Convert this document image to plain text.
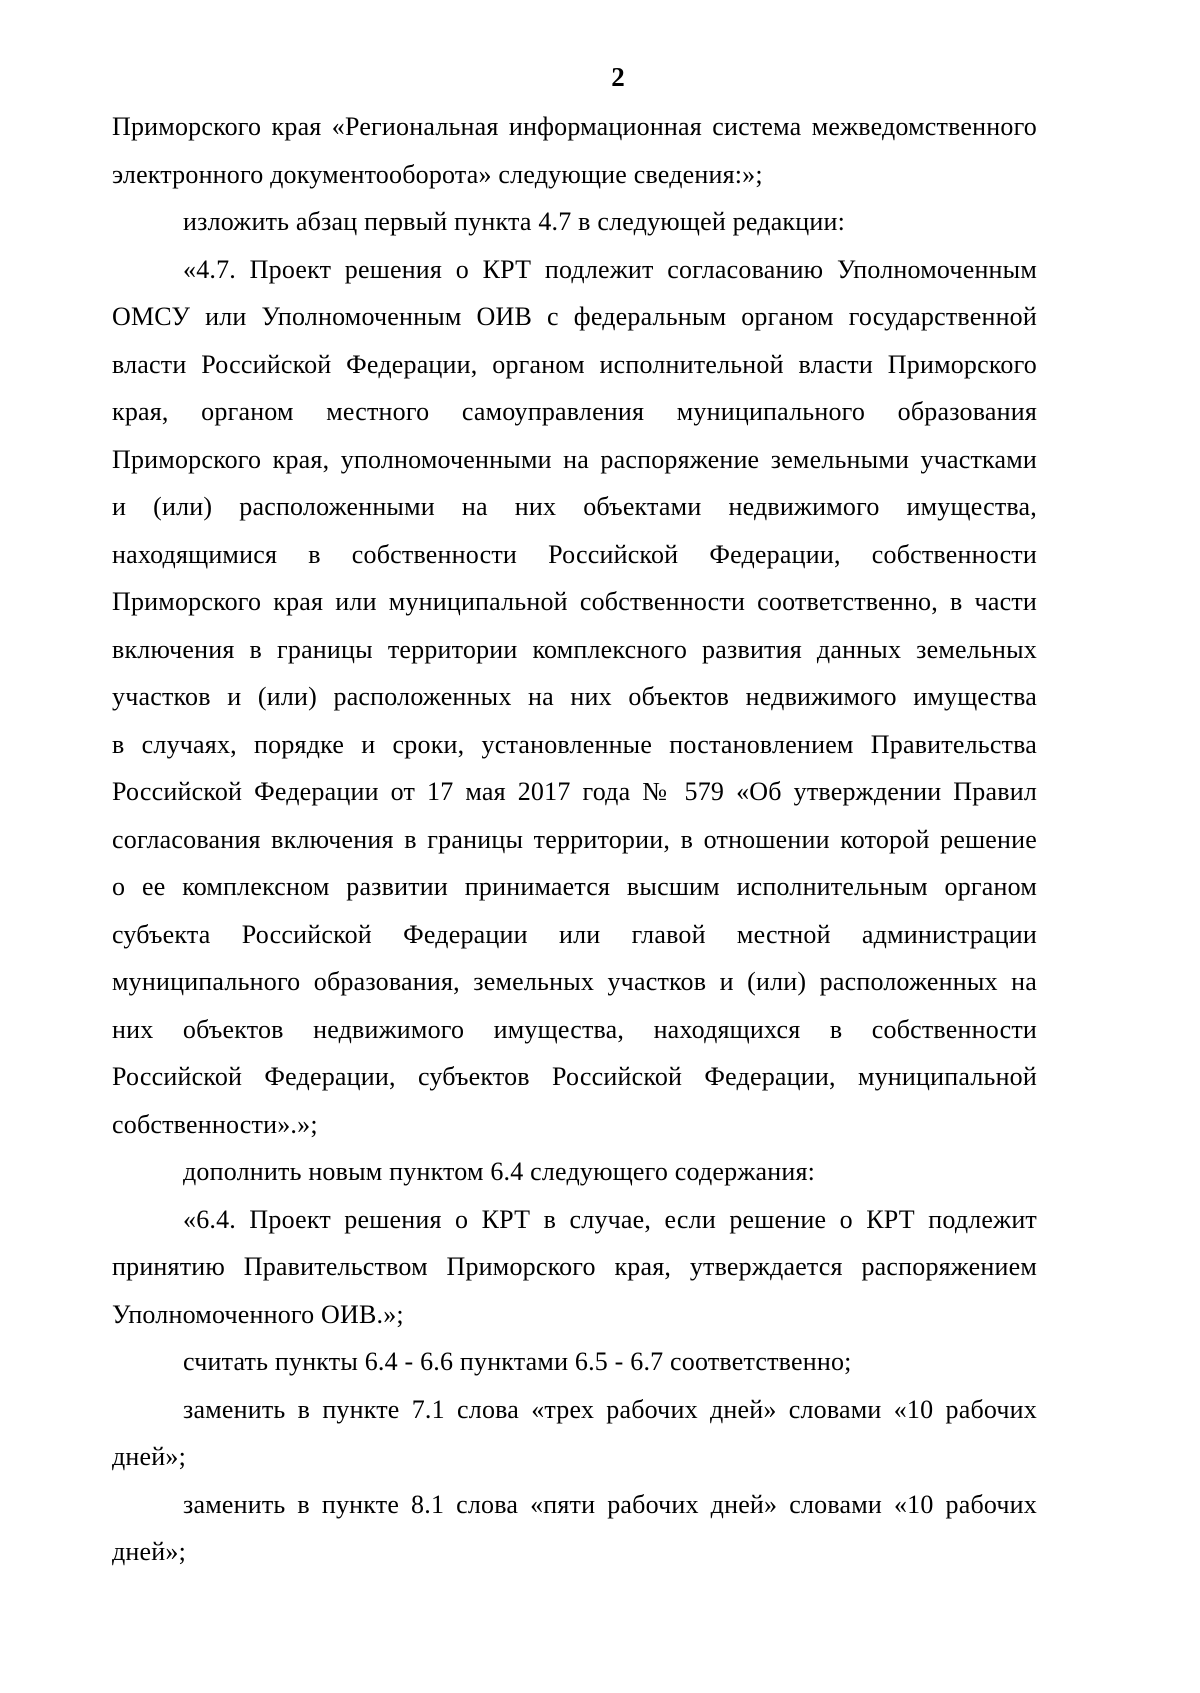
2
Приморского края «Региональная информационная система межведомственного
электронного документооборота» следующие сведения:»;
изложить абзац первый пункта 4.7 в следующей редакции:
«4.7. Проект решения о КРТ подлежит согласованию Уполномоченным
ОМСУ или Уполномоченным ОИВ с федеральным органом государственной
власти Российской Федерации, органом исполнительной власти Приморского
края, органом местного самоуправления муниципального образования
Приморского края, уполномоченными на распоряжение земельными участками
и (или) расположенными на них объектами недвижимого имущества,
находящимися в собственности Российской Федерации, собственности
Приморского края или муниципальной собственности соответственно, в части
включения в границы территории комплексного развития данных земельных
участков и (или) расположенных на них объектов недвижимого имущества
в случаях, порядке и сроки, установленные постановлением Правительства
Российской Федерации от 17 мая 2017 года № 579 «Об утверждении Правил
согласования включения в границы территории, в отношении которой решение
о ее комплексном развитии принимается высшим исполнительным органом
субъекта Российской Федерации или главой местной администрации
муниципального образования, земельных участков и (или) расположенных на
них объектов недвижимого имущества, находящихся в собственности
Российской Федерации, субъектов Российской Федерации, муниципальной
собственности».»;
дополнить новым пунктом 6.4 следующего содержания:
«6.4. Проект решения о КРТ в случае, если решение о КРТ подлежит
принятию Правительством Приморского края, утверждается распоряжением
Уполномоченного ОИВ.»;
считать пункты 6.4 - 6.6 пунктами 6.5 - 6.7 соответственно;
заменить в пункте 7.1 слова «трех рабочих дней» словами «10 рабочих
дней»;
заменить в пункте 8.1 слова «пяти рабочих дней» словами «10 рабочих
дней»;
